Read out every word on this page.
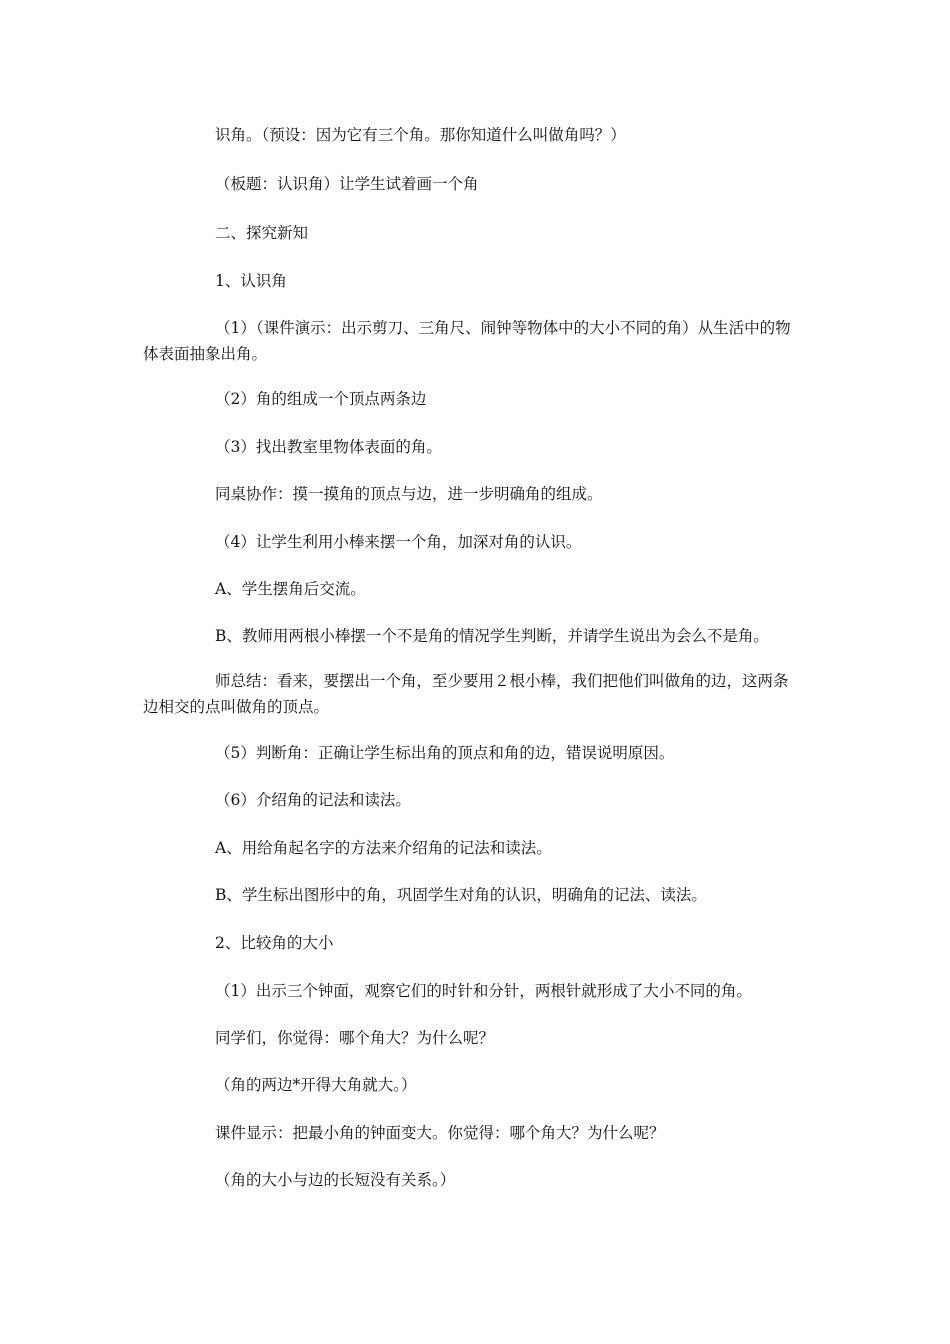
识角。（预设：因为它有三个角。那你知道什么叫做角吗？）

（板题：认识角）让学生试着画一个角

二、探究新知

1、认识角

（1）（课件演示：出示剪刀、三角尺、闹钟等物体中的大小不同的角）从生活中的物
体表面抽象出角。

（2）角的组成一个顶点两条边

（3）找出教室里物体表面的角。

同桌协作：摸一摸角的顶点与边，进一步明确角的组成。

（4）让学生利用小棒来摆一个角，加深对角的认识。

A、学生摆角后交流。

B、教师用两根小棒摆一个不是角的情况学生判断，并请学生说出为会么不是角。

师总结：看来，要摆出一个角，至少要用２根小棒，我们把他们叫做角的边，这两条
边相交的点叫做角的顶点。

（5）判断角：正确让学生标出角的顶点和角的边，错误说明原因。

（6）介绍角的记法和读法。

A、用给角起名字的方法来介绍角的记法和读法。

B、学生标出图形中的角，巩固学生对角的认识，明确角的记法、读法。

2、比较角的大小

（1）出示三个钟面，观察它们的时针和分针，两根针就形成了大小不同的角。

同学们，你觉得：哪个角大？为什么呢？

（角的两边*开得大角就大。）

课件显示：把最小角的钟面变大。你觉得：哪个角大？为什么呢？

（角的大小与边的长短没有关系。）
